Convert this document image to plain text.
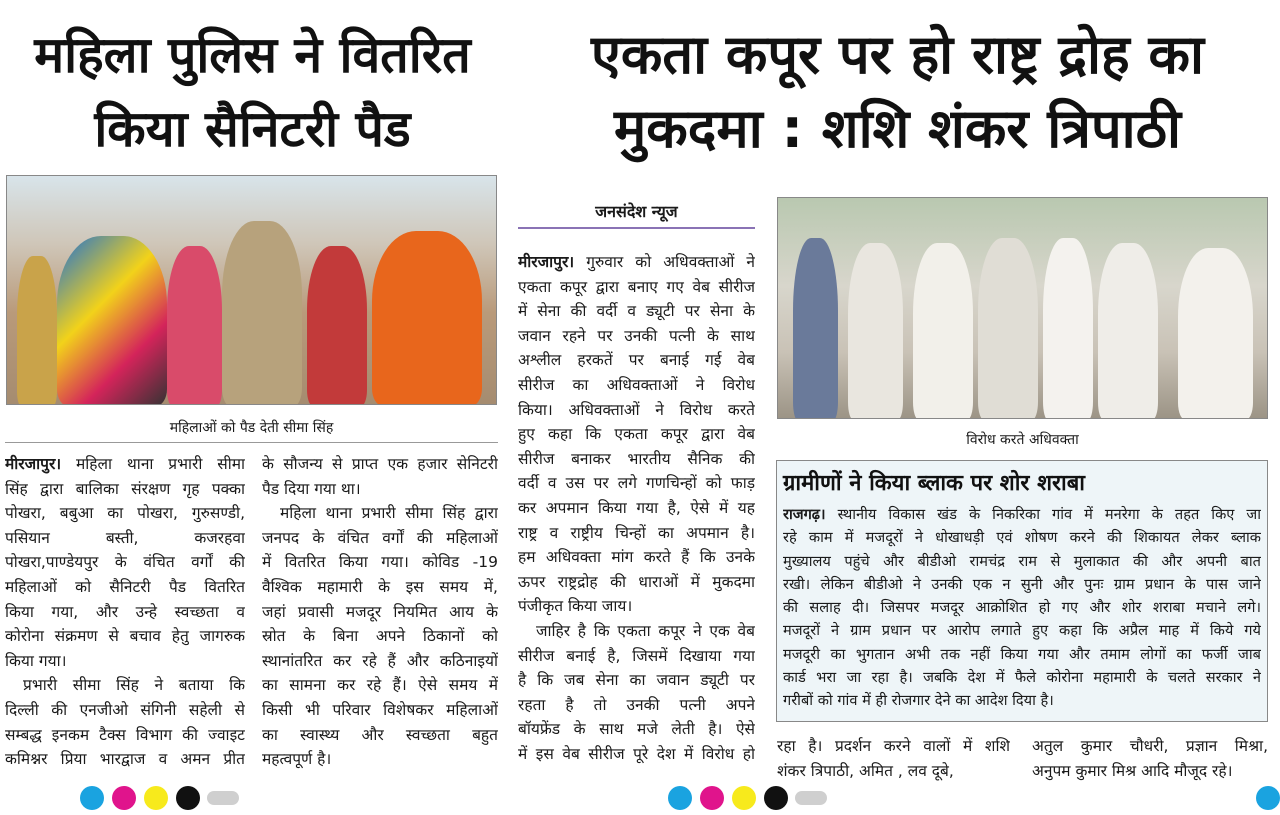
महिला पुलिस ने वितरित
किया सैनिटरी पैड
एकता कपूर पर हो राष्ट्र द्रोह का
मुकदमा : शशि शंकर त्रिपाठी
महिलाओं को पैड देती सीमा सिंह
मीरजापुर। महिला थाना प्रभारी सीमा
सिंह द्वारा बालिका संरक्षण गृह पक्का
पोखरा, बबुआ का पोखरा, गुरुसण्डी,
पसियान बस्ती, कजरहवा
पोखरा,पाण्डेयपुर के वंचित वर्गों की
महिलाओं को सैनिटरी पैड वितरित
किया गया, और उन्हे स्वच्छता व
कोरोना संक्रमण से बचाव हेतु जागरुक
किया गया।
प्रभारी सीमा सिंह ने बताया कि
दिल्ली की एनजीओ संगिनी सहेली से
सम्बद्ध इनकम टैक्स विभाग की ज्वाइट
कमिश्नर प्रिया भारद्वाज व अमन प्रीत
के सौजन्य से प्राप्त एक हजार सेनिटरी
पैड दिया गया था।
महिला थाना प्रभारी सीमा सिंह द्वारा
जनपद के वंचित वर्गों की महिलाओं
में वितरित किया गया। कोविड -19
वैश्विक महामारी के इस समय में,
जहां प्रवासी मजदूर नियमित आय के
स्रोत के बिना अपने ठिकानों को
स्थानांतरित कर रहे हैं और कठिनाइयों
का सामना कर रहे हैं। ऐसे समय में
किसी भी परिवार विशेषकर महिलाओं
का स्वास्थ्य और स्वच्छता बहुत
महत्वपूर्ण है।
जनसंदेश न्यूज
मीरजापुर। गुरुवार को अधिवक्ताओं ने
एकता कपूर द्वारा बनाए गए वेब सीरीज
में सेना की वर्दी व ड्यूटी पर सेना के
जवान रहने पर उनकी पत्नी के साथ
अश्लील हरकतें पर बनाई गई वेब
सीरीज का अधिवक्ताओं ने विरोध
किया। अधिवक्ताओं ने विरोध करते
हुए कहा कि एकता कपूर द्वारा वेब
सीरीज बनाकर भारतीय सैनिक की
वर्दी व उस पर लगे गणचिन्हों को फाड़
कर अपमान किया गया है, ऐसे में यह
राष्ट्र व राष्ट्रीय चिन्हों का अपमान है।
हम अधिवक्ता मांग करते हैं कि उनके
ऊपर राष्ट्रद्रोह की धाराओं में मुकदमा
पंजीकृत किया जाय।
जाहिर है कि एकता कपूर ने एक वेब
सीरीज बनाई है, जिसमें दिखाया गया
है कि जब सेना का जवान ड्यूटी पर
रहता है तो उनकी पत्नी अपने
बॉयफ्रेंड के साथ मजे लेती है। ऐसे
में इस वेब सीरीज पूरे देश में विरोध हो
विरोध करते अधिवक्ता
ग्रामीणों ने किया ब्लाक पर शोर शराबा
राजगढ़। स्थानीय विकास खंड के निकरिका गांव में मनरेगा के तहत किए जा
रहे काम में मजदूरों ने धोखाधड़ी एवं शोषण करने की शिकायत लेकर ब्लाक
मुख्यालय पहुंचे और बीडीओ रामचंद्र राम से मुलाकात की और अपनी बात
रखी। लेकिन बीडीओ ने उनकी एक न सुनी और पुनः ग्राम प्रधान के पास जाने
की सलाह दी। जिसपर मजदूर आक्रोशित हो गए और शोर शराबा मचाने लगे।
मजदूरों ने ग्राम प्रधान पर आरोप लगाते हुए कहा कि अप्रैल माह में किये गये
मजदूरी का भुगतान अभी तक नहीं किया गया और तमाम लोगों का फर्जी जाब
कार्ड भरा जा रहा है। जबकि देश में फैले कोरोना महामारी के चलते सरकार ने
गरीबों को गांव में ही रोजगार देने का आदेश दिया है।
रहा है। प्रदर्शन करने वालों में शशि
शंकर त्रिपाठी, अमित , लव दूबे,
अतुल कुमार चौधरी, प्रज्ञान मिश्रा,
अनुपम कुमार मिश्र आदि मौजूद रहे।
